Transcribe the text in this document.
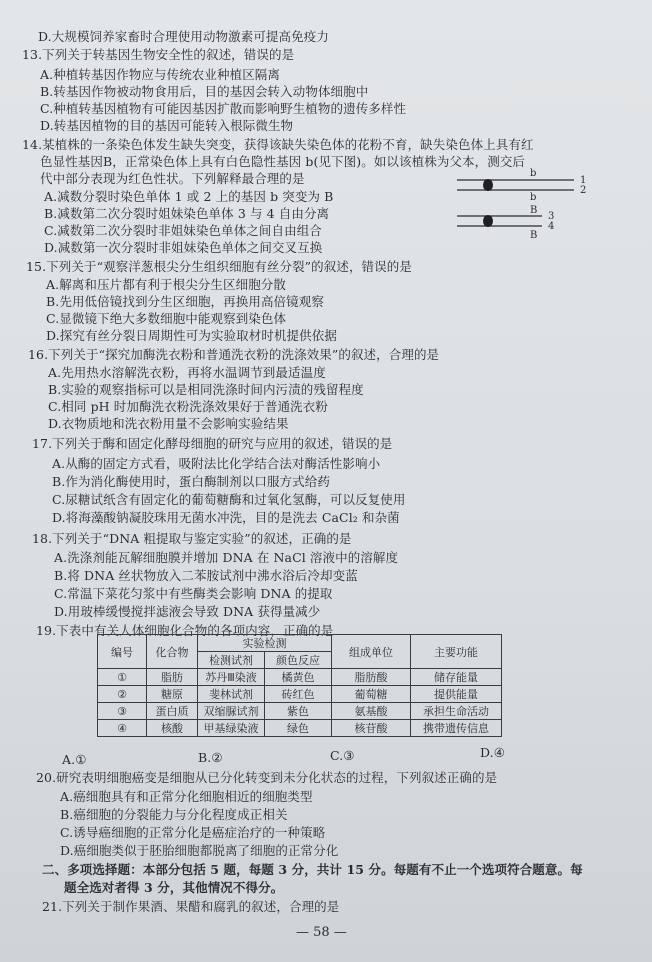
D.大规模饲养家畜时合理使用动物激素可提高免疫力
13.下列关于转基因生物安全性的叙述，错误的是
A.种植转基因作物应与传统农业种植区隔离
B.转基因作物被动物食用后，目的基因会转入动物体细胞中
C.种植转基因植物有可能因基因扩散而影响野生植物的遗传多样性
D.转基因植物的目的基因可能转入根际微生物
14.某植株的一条染色体发生缺失突变，获得该缺失染色体的花粉不育，缺失染色体上具有红
色显性基因B，正常染色体上具有白色隐性基因 b(见下图)。如以该植株为父本，测交后
代中部分表现为红色性状。下列解释最合理的是
A.减数分裂时染色单体 1 或 2 上的基因 b 突变为 B
B.减数第二次分裂时姐妹染色单体 3 与 4 自由分离
C.减数第二次分裂时非姐妹染色单体之间自由组合
D.减数第一次分裂时非姐妹染色单体之间交叉互换
15.下列关于“观察洋葱根尖分生组织细胞有丝分裂”的叙述，错误的是
A.解离和压片都有利于根尖分生区细胞分散
B.先用低倍镜找到分生区细胞，再换用高倍镜观察
C.显微镜下绝大多数细胞中能观察到染色体
D.探究有丝分裂日周期性可为实验取材时机提供依据
16.下列关于“探究加酶洗衣粉和普通洗衣粉的洗涤效果”的叙述，合理的是
A.先用热水溶解洗衣粉，再将水温调节到最适温度
B.实验的观察指标可以是相同洗涤时间内污渍的残留程度
C.相同 pH 时加酶洗衣粉洗涤效果好于普通洗衣粉
D.衣物质地和洗衣粉用量不会影响实验结果
17.下列关于酶和固定化酵母细胞的研究与应用的叙述，错误的是
A.从酶的固定方式看，吸附法比化学结合法对酶活性影响小
B.作为消化酶使用时，蛋白酶制剂以口服方式给药
C.尿糖试纸含有固定化的葡萄糖酶和过氧化氢酶，可以反复使用
D.将海藻酸钠凝胶珠用无菌水冲洗，目的是洗去 CaCl₂ 和杂菌
18.下列关于“DNA 粗提取与鉴定实验”的叙述，正确的是
A.洗涤剂能瓦解细胞膜并增加 DNA 在 NaCl 溶液中的溶解度
B.将 DNA 丝状物放入二苯胺试剂中沸水浴后冷却变蓝
C.常温下菜花匀浆中有些酶类会影响 DNA 的提取
D.用玻棒缓慢搅拌滤液会导致 DNA 获得量减少
19.下表中有关人体细胞化合物的各项内容，正确的是
20.研究表明细胞癌变是细胞从已分化转变到未分化状态的过程，下列叙述正确的是
A.癌细胞具有和正常分化细胞相近的细胞类型
B.癌细胞的分裂能力与分化程度成正相关
C.诱导癌细胞的正常分化是癌症治疗的一种策略
D.癌细胞类似于胚胎细胞都脱离了细胞的正常分化
二、多项选择题：本部分包括 5 题，每题 3 分，共计 15 分。每题有不止一个选项符合题意。每
题全选对者得 3 分，其他情况不得分。
21.下列关于制作果酒、果醋和腐乳的叙述，合理的是
b
b
B
B
1
2
3
4
编号	化合物	实验检测		组成单位	主要功能
		检测试剂	颜色反应		
①	脂肪	苏丹Ⅲ染液	橘黄色	脂肪酸	储存能量
②	糖原	斐林试剂	砖红色	葡萄糖	提供能量
③	蛋白质	双缩脲试剂	紫色	氨基酸	承担生命活动
④	核酸	甲基绿染液	绿色	核苷酸	携带遗传信息
A.①	B.②	C.③	D.④
— 58 —
